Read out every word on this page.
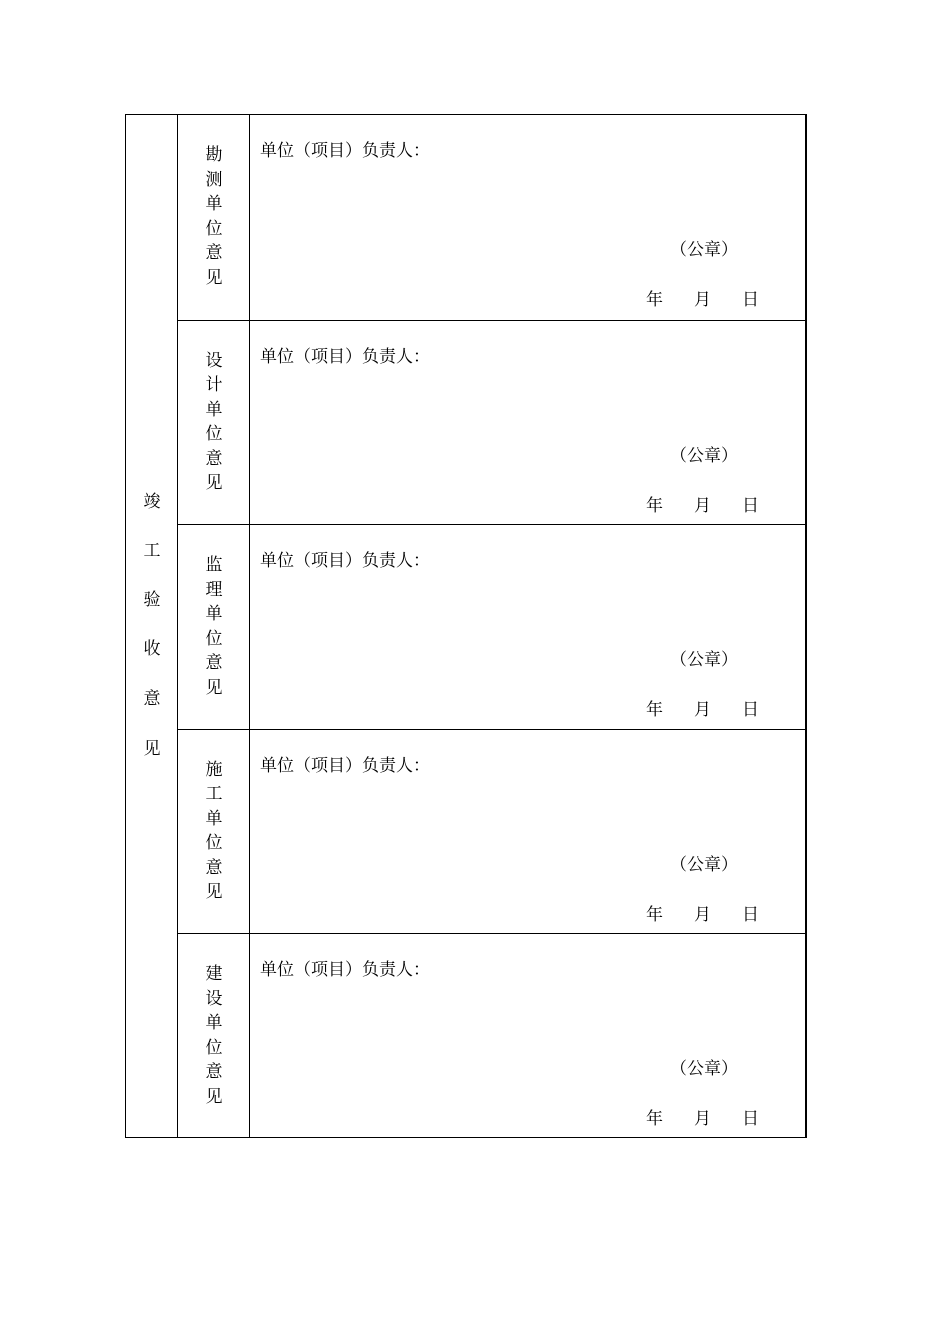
竣
工
验
收
意
见
勘
测
单
位
意
见
单位（项目）负责人：
（公章）
年 月 日
设
计
单
位
意
见
单位（项目）负责人：
（公章）
年 月 日
监
理
单
位
意
见
单位（项目）负责人：
（公章）
年 月 日
施
工
单
位
意
见
单位（项目）负责人：
（公章）
年 月 日
建
设
单
位
意
见
单位（项目）负责人：
（公章）
年 月 日
